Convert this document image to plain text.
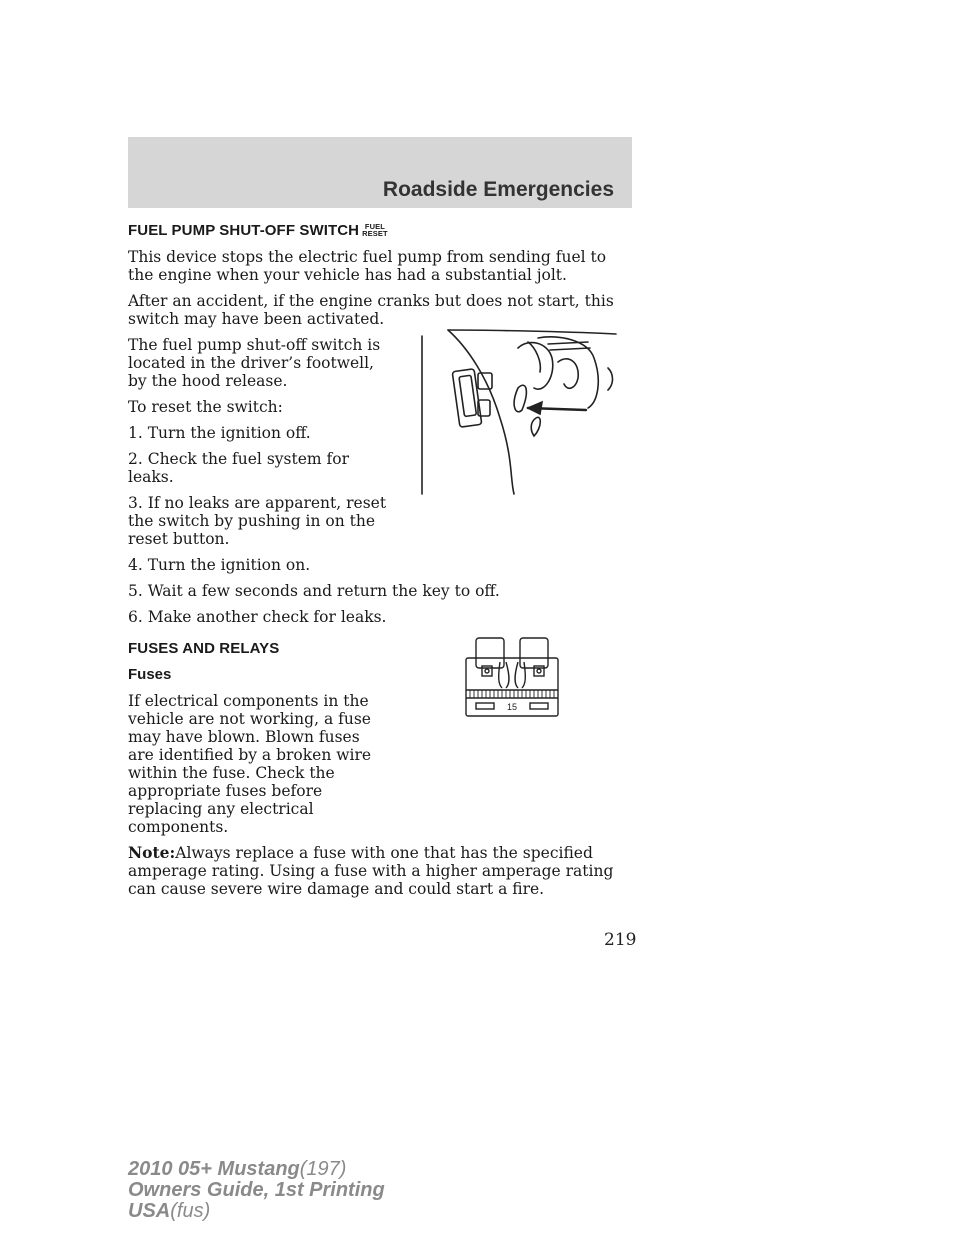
Roadside Emergencies
FUEL PUMP SHUT-OFF SWITCH FUEL
RESET

This device stops the electric fuel pump from sending fuel to the engine when your vehicle has had a substantial jolt.

After an accident, if the engine cranks but does not start, this switch may have been activated.

The fuel pump shut-off switch is located in the driver’s footwell, by the hood release.

To reset the switch:

1. Turn the ignition off.

2. Check the fuel system for leaks.

3. If no leaks are apparent, reset the switch by pushing in on the reset button.

4. Turn the ignition on.

5. Wait a few seconds and return the key to off.

6. Make another check for leaks.

FUSES AND RELAYS
Fuses

If electrical components in the vehicle are not working, a fuse may have blown. Blown fuses are identified by a broken wire within the fuse. Check the appropriate fuses before replacing any electrical components.

Note:Always replace a fuse with one that has the specified amperage rating. Using a fuse with a higher amperage rating can cause severe wire damage and could start a fire.

15
219
2010 05+ Mustang(197)
Owners Guide, 1st Printing
USA(fus)
